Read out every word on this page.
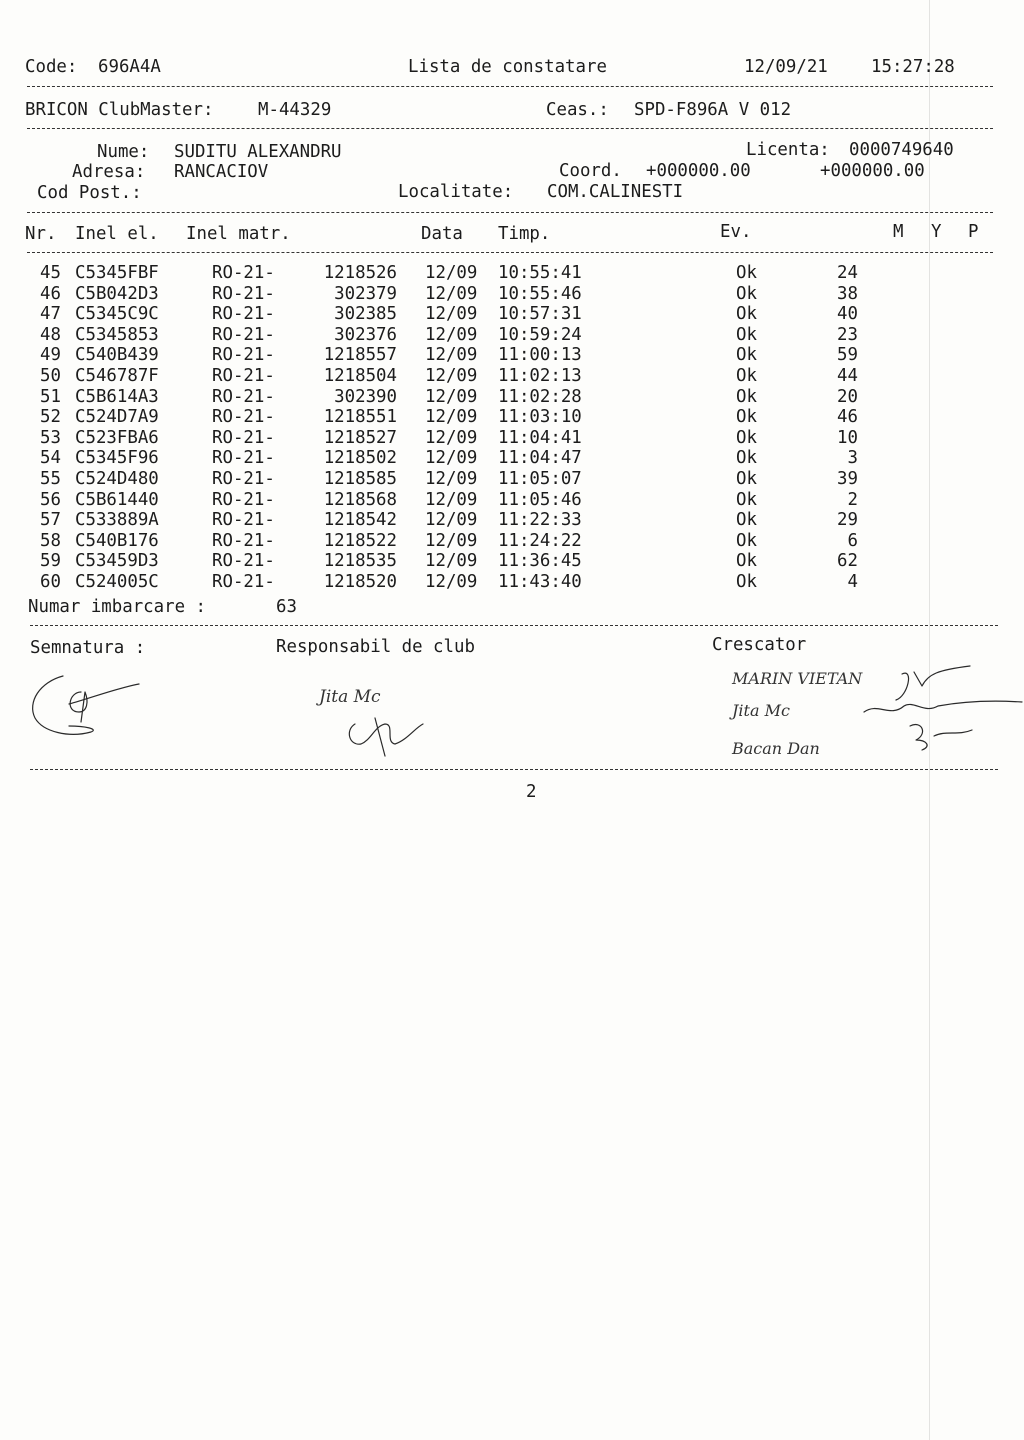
Code: 696A4A	Lista de constatare	12/09/21 15:27:28
BRICON ClubMaster:	M-44329	Ceas.: SPD-F896A V 012
Nume: SUDITU ALEXANDRU	Licenta: 0000749640
Adresa: RANCACIOV	Coord. +000000.00	+000000.00
Cod Post.:	Localitate: COM.CALINESTI
Nr. Inel el. Inel matr.	Data Timp.	Ev.	M Y P
45 C5345FBF	RO-21-	1218526 12/09 10:55:41	Ok	24
46 C5B042D3	RO-21-	302379 12/09 10:55:46	Ok	38
47 C5345C9C	RO-21-	302385 12/09 10:57:31	Ok	40
48 C5345853	RO-21-	302376 12/09 10:59:24	Ok	23
49 C540B439	RO-21-	1218557 12/09 11:00:13	Ok	59
50 C546787F	RO-21-	1218504 12/09 11:02:13	Ok	44
51 C5B614A3	RO-21-	302390 12/09 11:02:28	Ok	20
52 C524D7A9	RO-21-	1218551 12/09 11:03:10	Ok	46
53 C523FBA6	RO-21-	1218527 12/09 11:04:41	Ok	10
54 C5345F96	RO-21-	1218502 12/09 11:04:47	Ok	3
55 C524D480	RO-21-	1218585 12/09 11:05:07	Ok	39
56 C5B61440	RO-21-	1218568 12/09 11:05:46	Ok	2
57 C533889A	RO-21-	1218542 12/09 11:22:33	Ok	29
58 C540B176	RO-21-	1218522 12/09 11:24:22	Ok	6
59 C53459D3	RO-21-	1218535 12/09 11:36:45	Ok	62
60 C524005C	RO-21-	1218520 12/09 11:43:40	Ok	4
Numar imbarcare :	63
Semnatura :	Responsabil de club	Crescator
Jita Mc
MARIN VIETAN
Jita Mc
Bacan Dan
2
